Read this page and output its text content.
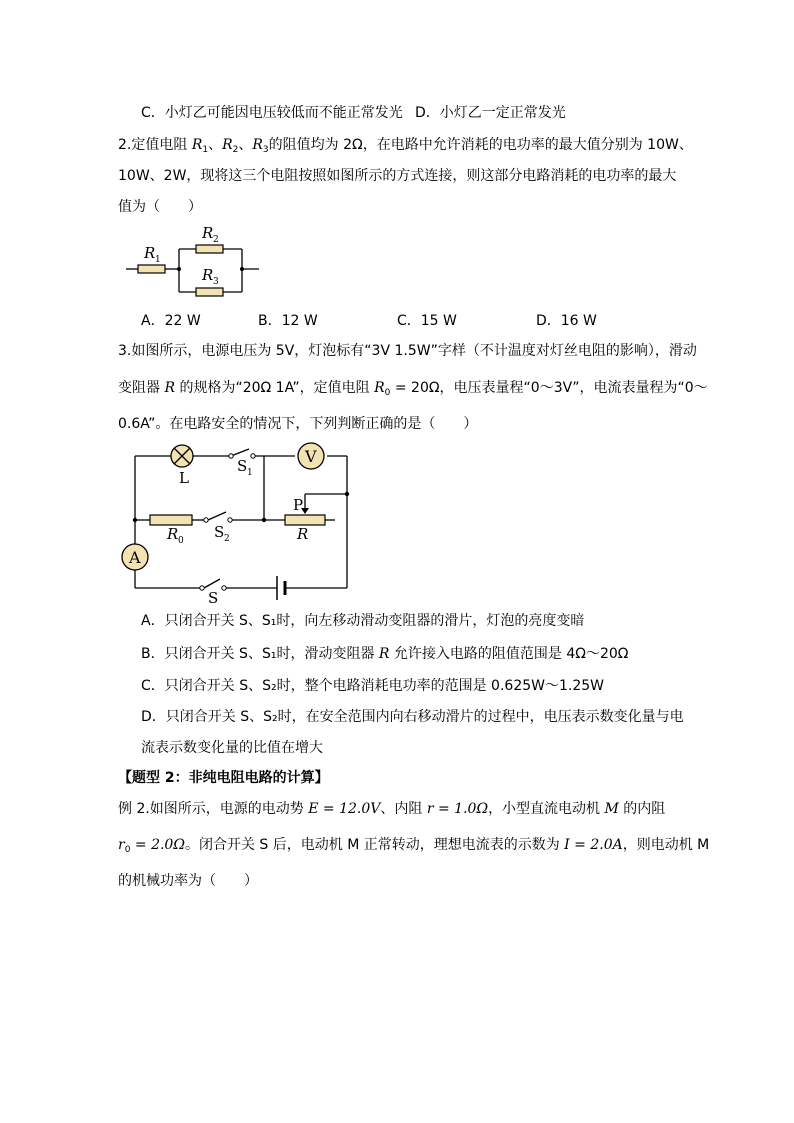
C．小灯乙可能因电压较低而不能正常发光 D．小灯乙一定正常发光
2.定值电阻 $R_1$、$R_2$、$R_3$的阻值均为 2Ω，在电路中允许消耗的电功率的最大值分别为 10W、
10W、2W，现将这三个电阻按照如图所示的方式连接，则这部分电路消耗的电功率的最大
值为（　　）
R 1
R 2
R 3
A．22 W	B．12 W	C．15 W	D．16 W
3.如图所示，电源电压为 5V，灯泡标有“3V 1.5W”字样（不计温度对灯丝电阻的影响），滑动
变阻器 R 的规格为“20Ω 1A”，定值电阻 $R_0 = 20\Omega$，电压表量程“0～3V”，电流表量程为“0～
0.6A”。在电路安全的情况下，下列判断正确的是（　　）
L
S 1
V
P
R
R 0 S 2
A
S
A．只闭合开关 S、S₁时，向左移动滑动变阻器的滑片，灯泡的亮度变暗
B．只闭合开关 S、S₁时，滑动变阻器 R 允许接入电路的阻值范围是 4Ω～20Ω
C．只闭合开关 S、S₂时，整个电路消耗电功率的范围是 0.625W～1.25W
D．只闭合开关 S、S₂时，在安全范围内向右移动滑片的过程中，电压表示数变化量与电
流表示数变化量的比值在增大
【题型 2：非纯电阻电路的计算】
例 2.如图所示，电源的电动势 E = 12.0V、内阻 r = 1.0Ω，小型直流电动机 M 的内阻
$r_0 = 2.0\Omega$。闭合开关 S 后，电动机 M 正常转动，理想电流表的示数为 I = 2.0A，则电动机 M
的机械功率为（　　）
